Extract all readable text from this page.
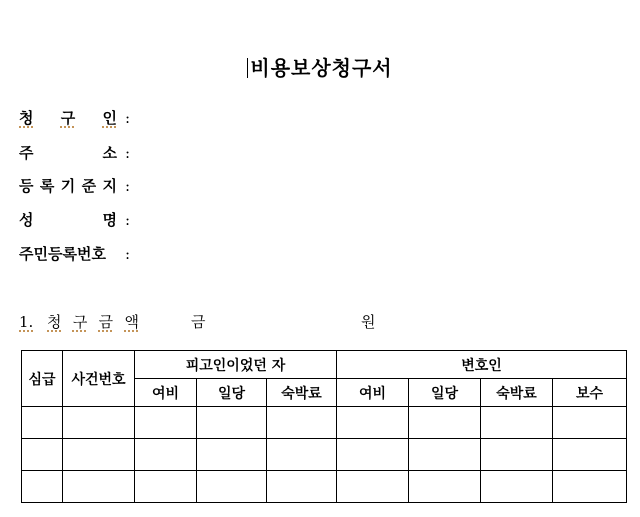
비용보상청구서
청 구 인 :
주	소 :
등 록 기 준 지 :
성	명 :
주민등록번호 :
1. 청 구 금 액	금	원
심급	사건번호	피고인이었던 자			변호인			
		여비	일당	숙박료	여비	일당	숙박료	보수
